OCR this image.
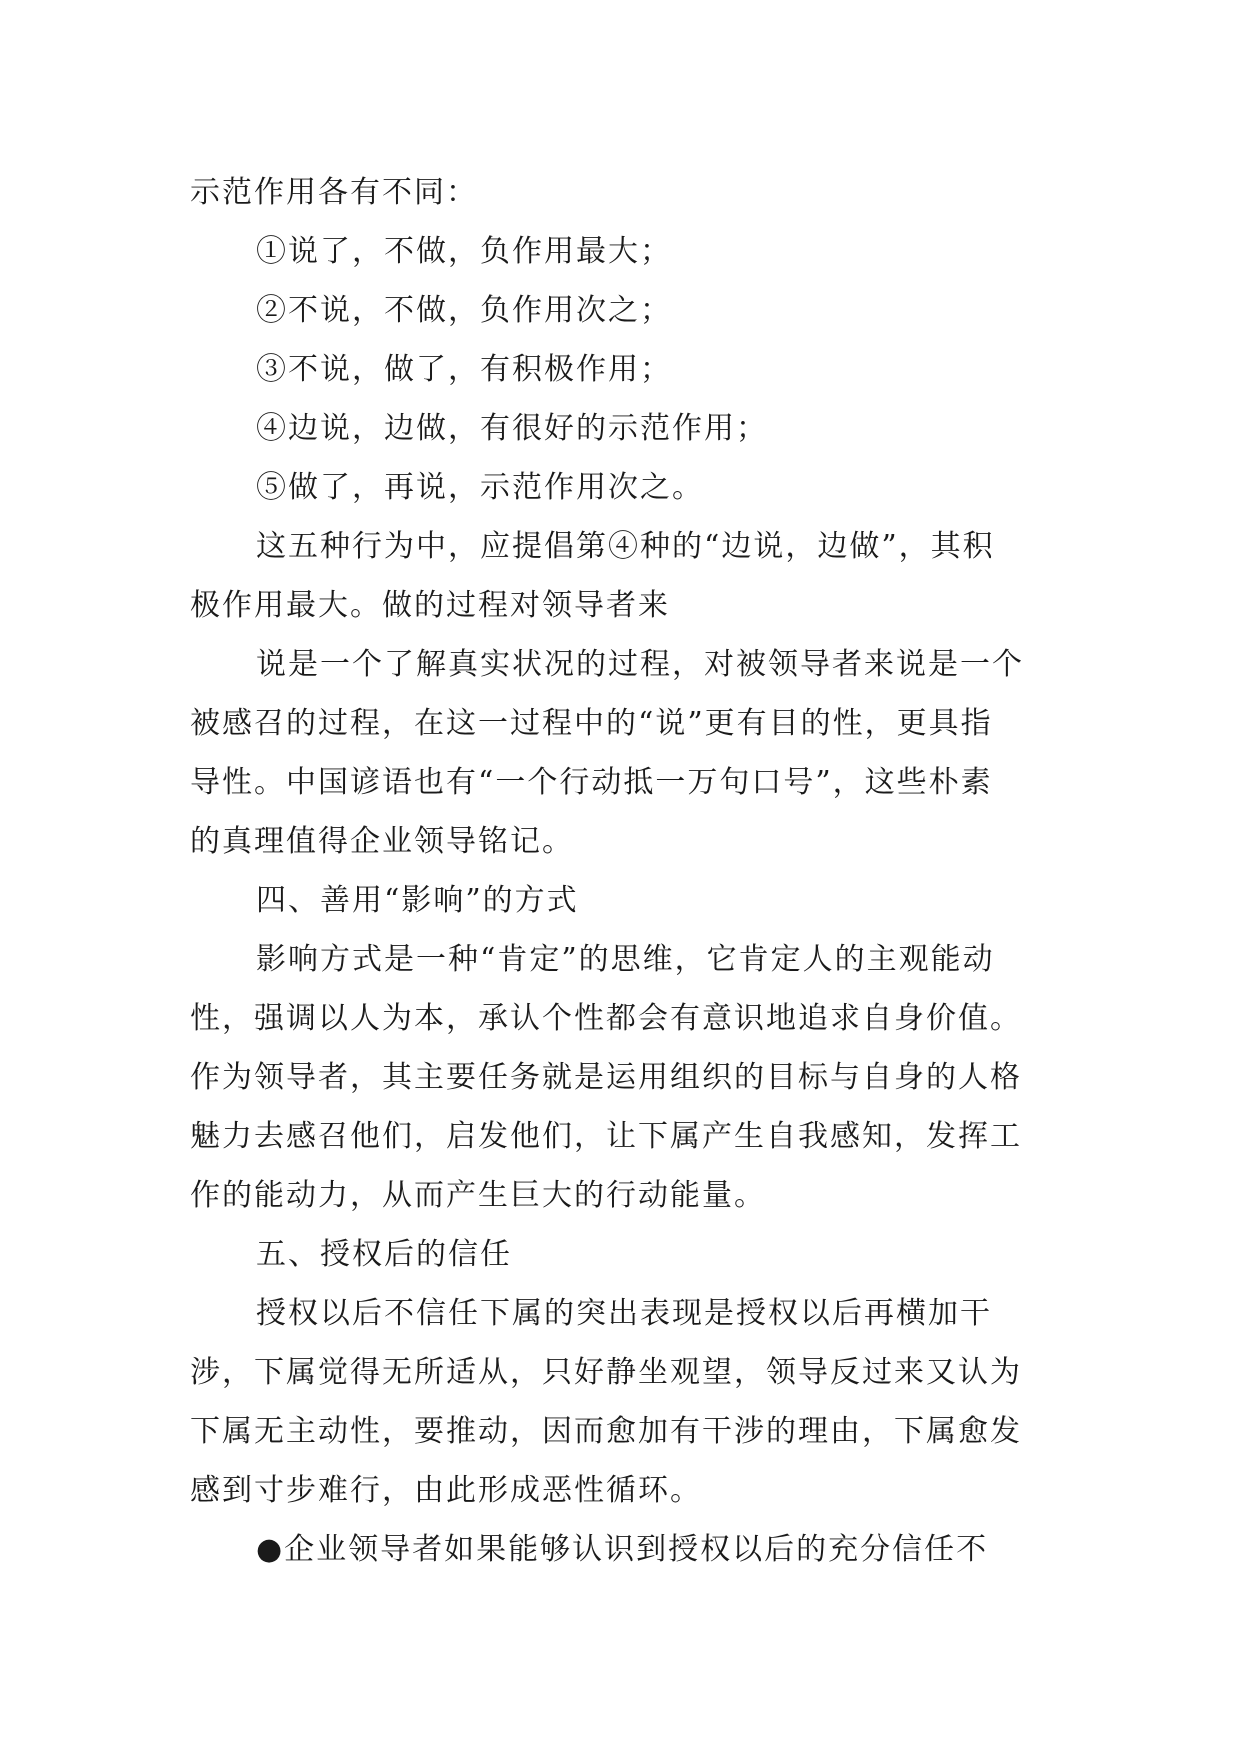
示范作用各有不同：
①说了，不做，负作用最大；
②不说，不做，负作用次之；
③不说，做了，有积极作用；
④边说，边做，有很好的示范作用；
⑤做了，再说，示范作用次之。
这五种行为中，应提倡第④种的“边说，边做”，其积
极作用最大。做的过程对领导者来
说是一个了解真实状况的过程，对被领导者来说是一个
被感召的过程，在这一过程中的“说”更有目的性，更具指
导性。中国谚语也有“一个行动抵一万句口号”，这些朴素
的真理值得企业领导铭记。
四、善用“影响”的方式
影响方式是一种“肯定”的思维，它肯定人的主观能动
性，强调以人为本，承认个性都会有意识地追求自身价值。
作为领导者，其主要任务就是运用组织的目标与自身的人格
魅力去感召他们，启发他们，让下属产生自我感知，发挥工
作的能动力，从而产生巨大的行动能量。
五、授权后的信任
授权以后不信任下属的突出表现是授权以后再横加干
涉，下属觉得无所适从，只好静坐观望，领导反过来又认为
下属无主动性，要推动，因而愈加有干涉的理由，下属愈发
感到寸步难行，由此形成恶性循环。
●企业领导者如果能够认识到授权以后的充分信任不
